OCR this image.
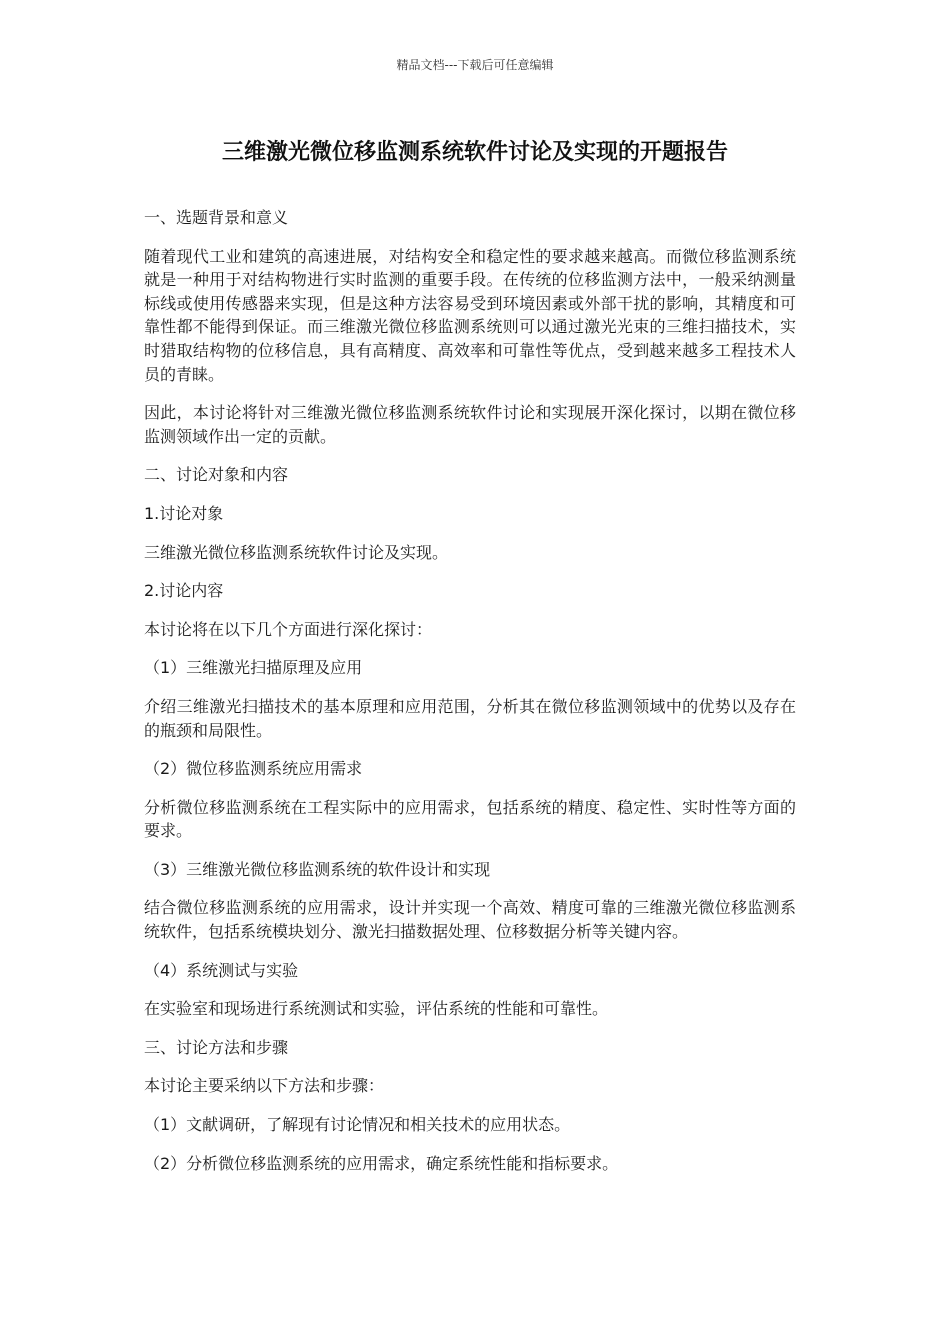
精品文档---下载后可任意编辑
三维激光微位移监测系统软件讨论及实现的开题报告

一、选题背景和意义

随着现代工业和建筑的高速进展，对结构安全和稳定性的要求越来越高。而微位移监测系统就是一种用于对结构物进行实时监测的重要手段。在传统的位移监测方法中，一般采纳测量标线或使用传感器来实现，但是这种方法容易受到环境因素或外部干扰的影响，其精度和可靠性都不能得到保证。而三维激光微位移监测系统则可以通过激光光束的三维扫描技术，实时猎取结构物的位移信息，具有高精度、高效率和可靠性等优点，受到越来越多工程技术人员的青睐。

因此，本讨论将针对三维激光微位移监测系统软件讨论和实现展开深化探讨，以期在微位移监测领域作出一定的贡献。

二、讨论对象和内容

1.讨论对象

三维激光微位移监测系统软件讨论及实现。

2.讨论内容

本讨论将在以下几个方面进行深化探讨：

（1）三维激光扫描原理及应用

介绍三维激光扫描技术的基本原理和应用范围，分析其在微位移监测领域中的优势以及存在的瓶颈和局限性。

（2）微位移监测系统应用需求

分析微位移监测系统在工程实际中的应用需求，包括系统的精度、稳定性、实时性等方面的要求。

（3）三维激光微位移监测系统的软件设计和实现

结合微位移监测系统的应用需求，设计并实现一个高效、精度可靠的三维激光微位移监测系统软件，包括系统模块划分、激光扫描数据处理、位移数据分析等关键内容。

（4）系统测试与实验

在实验室和现场进行系统测试和实验，评估系统的性能和可靠性。

三、讨论方法和步骤

本讨论主要采纳以下方法和步骤：

（1）文献调研，了解现有讨论情况和相关技术的应用状态。

（2）分析微位移监测系统的应用需求，确定系统性能和指标要求。
